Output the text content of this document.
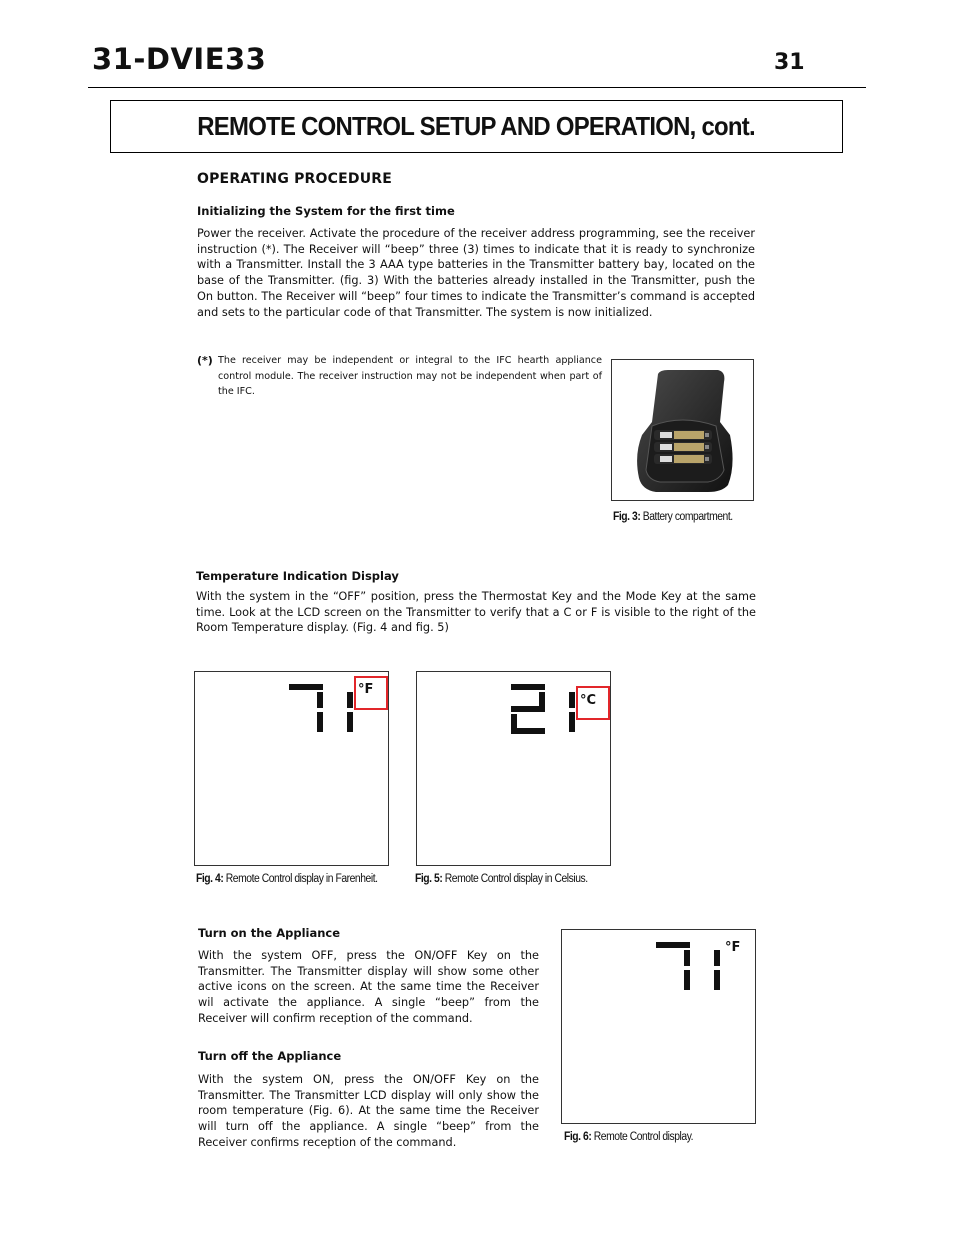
31-DVIE33	31
REMOTE CONTROL SETUP AND OPERATION, cont.
OPERATING PROCEDURE
Initializing the System for the first time
Power the receiver. Activate the procedure of the receiver address programming, see the receiver instruction (*). The Receiver will “beep” three (3) times to indicate that it is ready to synchronize with a Transmitter. Install the 3 AAA type batteries in the Transmitter battery bay, located on the base of the Transmitter. (fig. 3) With the batteries already installed in the Transmitter, push the On button. The Receiver will “beep” four times to indicate the Transmitter’s command is accepted and sets to the particular code of that Transmitter. The system is now initialized.
(*) The receiver may be independent or integral to the IFC hearth appliance control module. The receiver instruction may not be independent when part of the IFC.
Fig. 3: Battery compartment.
Temperature Indication Display
With the system in the “OFF” position, press the Thermostat Key and the Mode Key at the same time. Look at the LCD screen on the Transmitter to verify that a C or F is visible to the right of the Room Temperature display. (Fig. 4 and fig. 5)
°F
Fig. 4: Remote Control display in Farenheit.
°C
Fig. 5: Remote Control display in Celsius.
Turn on the Appliance
With the system OFF, press the ON/OFF Key on the Transmitter. The Transmitter display will show some other active icons on the screen. At the same time the Receiver wil activate the appliance. A single “beep” from the Receiver will confirm reception of the command.
Turn off the Appliance
With the system ON, press the ON/OFF Key on the Transmitter. The Transmitter LCD display will only show the room temperature (Fig. 6). At the same time the Receiver will turn off the appliance. A single “beep” from the Receiver confirms reception of the command.
°F
Fig. 6: Remote Control display.
